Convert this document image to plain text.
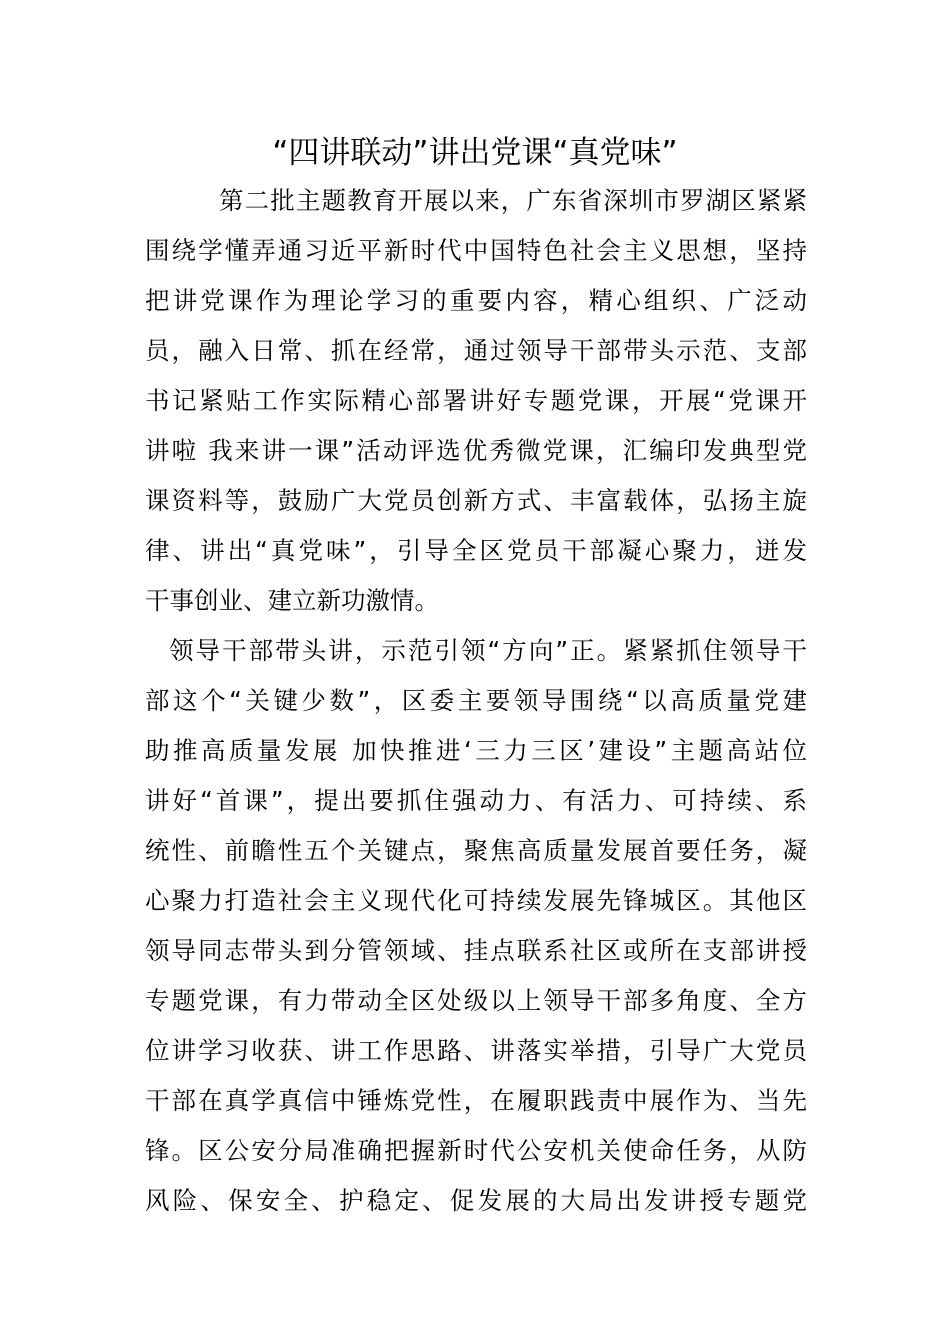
“四讲联动”讲出党课“真党味”
第二批主题教育开展以来，广东省深圳市罗湖区紧紧
围绕学懂弄通习近平新时代中国特色社会主义思想，坚持
把讲党课作为理论学习的重要内容，精心组织、广泛动
员，融入日常、抓在经常，通过领导干部带头示范、支部
书记紧贴工作实际精心部署讲好专题党课，开展“党课开
讲啦 我来讲一课”活动评选优秀微党课，汇编印发典型党
课资料等，鼓励广大党员创新方式、丰富载体，弘扬主旋
律、讲出“真党味”，引导全区党员干部凝心聚力，迸发
干事创业、建立新功激情。
领导干部带头讲，示范引领“方向”正。紧紧抓住领导干
部这个“关键少数”，区委主要领导围绕“以高质量党建
助推高质量发展 加快推进‘三力三区’建设”主题高站位
讲好“首课”，提出要抓住强动力、有活力、可持续、系
统性、前瞻性五个关键点，聚焦高质量发展首要任务，凝
心聚力打造社会主义现代化可持续发展先锋城区。其他区
领导同志带头到分管领域、挂点联系社区或所在支部讲授
专题党课，有力带动全区处级以上领导干部多角度、全方
位讲学习收获、讲工作思路、讲落实举措，引导广大党员
干部在真学真信中锤炼党性，在履职践责中展作为、当先
锋。区公安分局准确把握新时代公安机关使命任务，从防
风险、保安全、护稳定、促发展的大局出发讲授专题党
